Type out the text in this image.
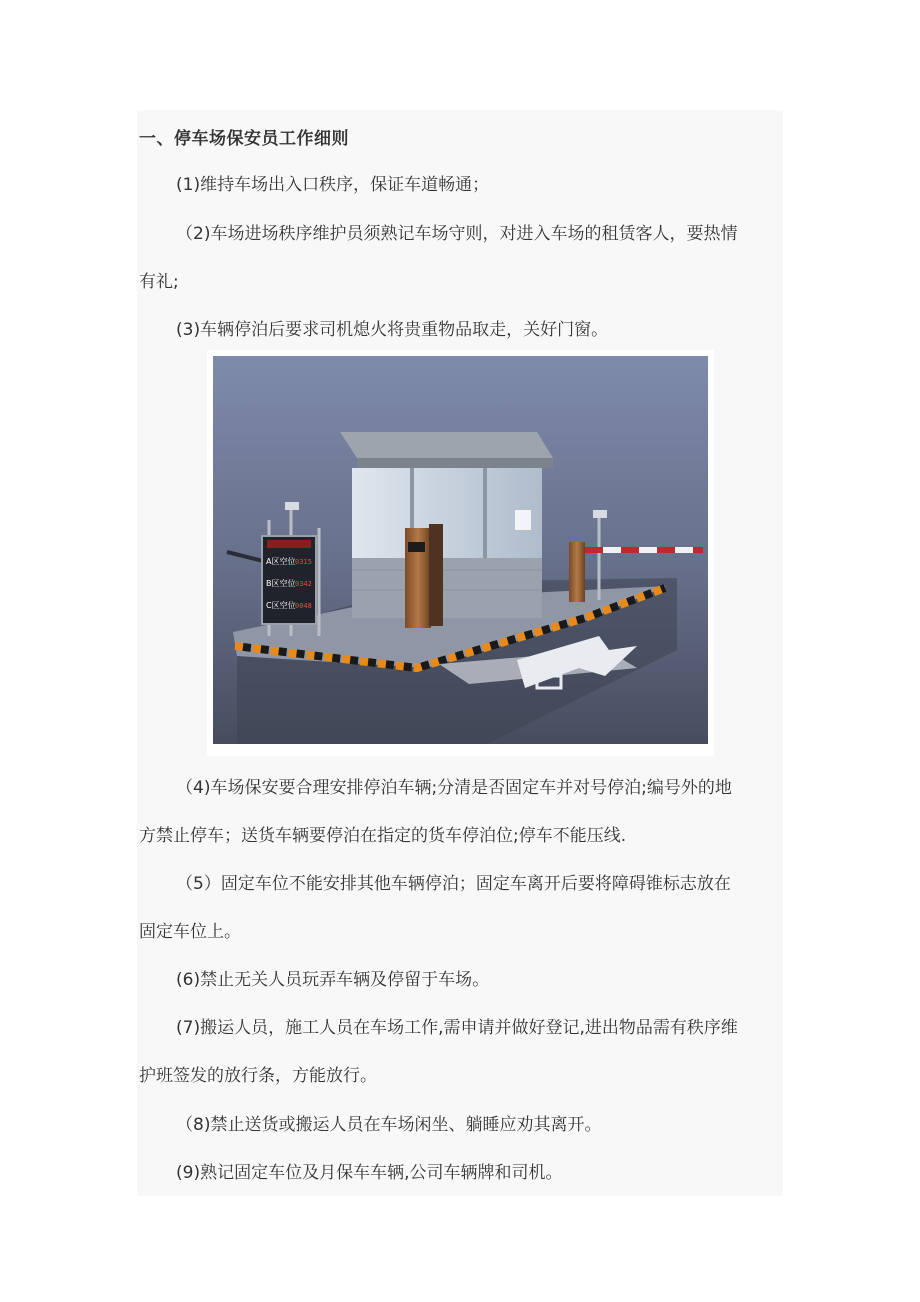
一、停车场保安员工作细则
(1)维持车场出入口秩序，保证车道畅通；
（2)车场进场秩序维护员须熟记车场守则，对进入车场的租赁客人，要热情
有礼;
(3)车辆停泊后要求司机熄火将贵重物品取走，关好门窗。
A区空位
B区空位
C区空位
0315
0342
0048
（4)车场保安要合理安排停泊车辆;分清是否固定车并对号停泊;编号外的地
方禁止停车；送货车辆要停泊在指定的货车停泊位;停车不能压线.
（5）固定车位不能安排其他车辆停泊；固定车离开后要将障碍锥标志放在
固定车位上。
(6)禁止无关人员玩弄车辆及停留于车场。
(7)搬运人员，施工人员在车场工作,需申请并做好登记,进出物品需有秩序维
护班签发的放行条，方能放行。
（8)禁止送货或搬运人员在车场闲坐、躺睡应劝其离开。
(9)熟记固定车位及月保车车辆,公司车辆牌和司机。
